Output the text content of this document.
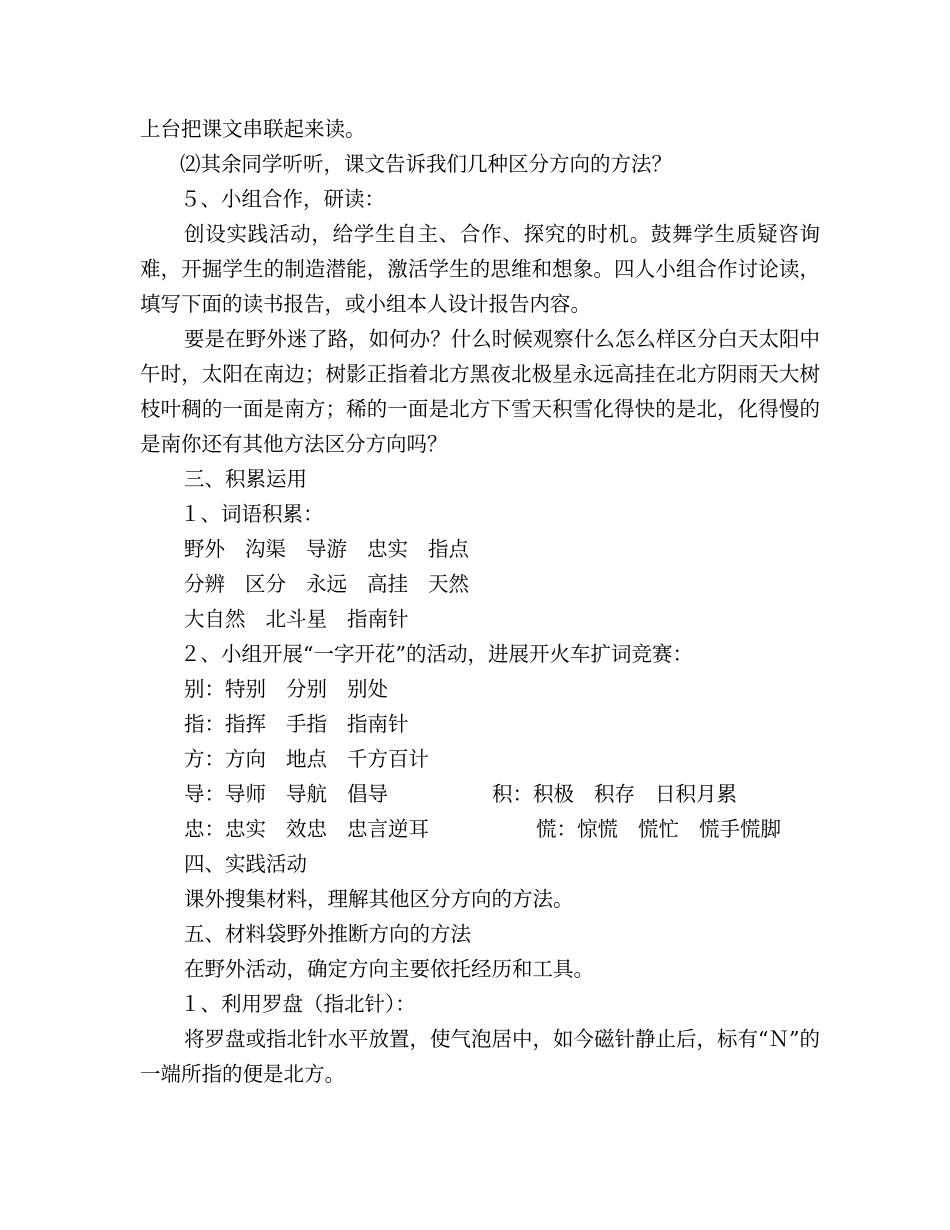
上台把课文串联起来读。
⑵其余同学听听，课文告诉我们几种区分方向的方法？
５、小组合作，研读：
创设实践活动，给学生自主、合作、探究的时机。鼓舞学生质疑咨询难，开掘学生的制造潜能，激活学生的思维和想象。四人小组合作讨论读，填写下面的读书报告，或小组本人设计报告内容。
要是在野外迷了路，如何办？什么时候观察什么怎么样区分白天太阳中午时，太阳在南边；树影正指着北方黑夜北极星永远高挂在北方阴雨天大树枝叶稠的一面是南方；稀的一面是北方下雪天积雪化得快的是北，化得慢的是南你还有其他方法区分方向吗？
三、积累运用
１、词语积累：
野外 沟渠 导游 忠实 指点
分辨 区分 永远 高挂 天然
大自然 北斗星 指南针
２、小组开展“一字开花”的活动，进展开火车扩词竞赛：
别：特别 分别 别处
指：指挥 手指 指南针
方：方向 地点 千方百计
导：导师 导航 倡导	积：积极 积存 日积月累
忠：忠实 效忠 忠言逆耳	慌：惊慌 慌忙 慌手慌脚
四、实践活动
课外搜集材料，理解其他区分方向的方法。
五、材料袋野外推断方向的方法
在野外活动，确定方向主要依托经历和工具。
１、利用罗盘（指北针）：
将罗盘或指北针水平放置，使气泡居中，如今磁针静止后，标有“Ｎ”的一端所指的便是北方。
